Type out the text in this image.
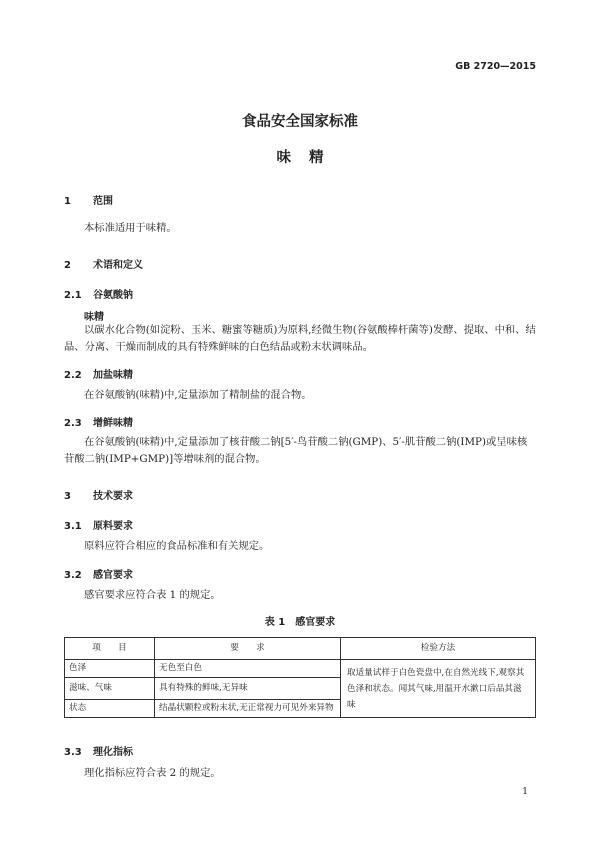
GB 2720—2015
食品安全国家标准
味精
1 范围
本标准适用于味精。
2 术语和定义
2.1 谷氨酸钠
味精
以碳水化合物(如淀粉、玉米、糖蜜等糖质)为原料,经微生物(谷氨酸棒杆菌等)发酵、提取、中和、结晶、分离、干燥而制成的具有特殊鲜味的白色结晶或粉末状调味品。
2.2 加盐味精
在谷氨酸钠(味精)中,定量添加了精制盐的混合物。
2.3 增鲜味精
在谷氨酸钠(味精)中,定量添加了核苷酸二钠[5′-鸟苷酸二钠(GMP)、5′-肌苷酸二钠(IMP)或呈味核苷酸二钠(IMP+GMP)]等增味剂的混合物。
3 技术要求
3.1 原料要求
原料应符合相应的食品标准和有关规定。
3.2 感官要求
感官要求应符合表 1 的规定。
表 1　感官要求
项　　目	要　　求	检验方法
色泽	无色至白色	取适量试样于白色瓷盘中,在自然光线下,观察其色泽和状态。闻其气味,用温开水漱口后品其滋味
滋味、气味	具有特殊的鲜味,无异味	
状态	结晶状颗粒或粉末状,无正常视力可见外来异物	
3.3 理化指标
理化指标应符合表 2 的规定。
1
